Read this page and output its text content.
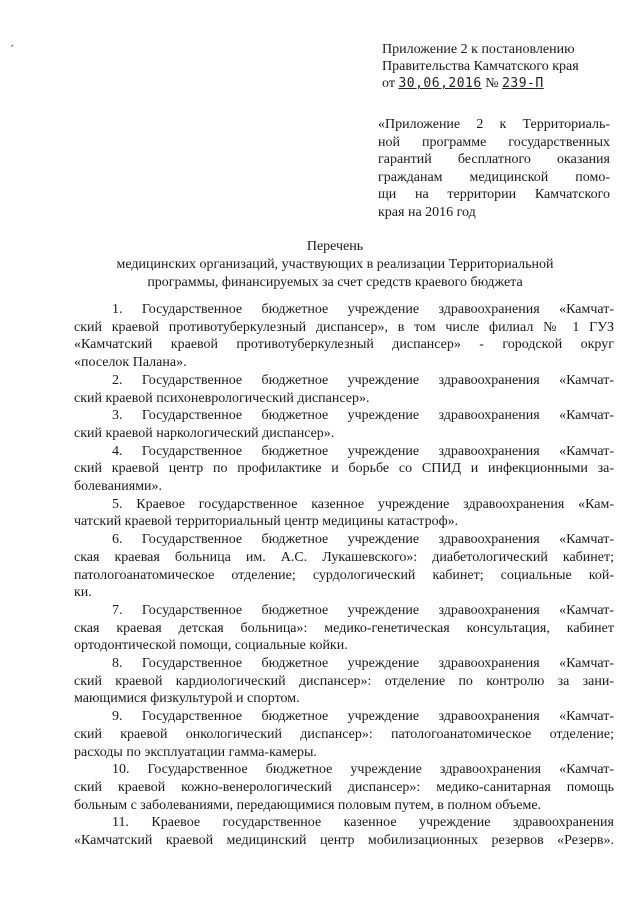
ˊ	Приложение 2 к постановлению
Правительства Камчатского края
от 30,06,2016 № 239-П
«Приложение 2 к Территориаль-
ной программе государственных
гарантий бесплатного оказания
гражданам медицинской помо-
щи на территории Камчатского
края на 2016 год
Перечень
медицинских организаций, участвующих в реализации Территориальной
программы, финансируемых за счет средств краевого бюджета
1. Государственное бюджетное учреждение здравоохранения «Камчат-
ский краевой противотуберкулезный диспансер», в том числе филиал № 1 ГУЗ
«Камчатский краевой противотуберкулезный диспансер» - городской округ
«поселок Палана».
2. Государственное бюджетное учреждение здравоохранения «Камчат-
ский краевой психоневрологический диспансер».
3. Государственное бюджетное учреждение здравоохранения «Камчат-
ский краевой наркологический диспансер».
4. Государственное бюджетное учреждение здравоохранения «Камчат-
ский краевой центр по профилактике и борьбе со СПИД и инфекционными за-
болеваниями».
5. Краевое государственное казенное учреждение здравоохранения «Кам-
чатский краевой территориальный центр медицины катастроф».
6. Государственное бюджетное учреждение здравоохранения «Камчат-
ская краевая больница им. А.С. Лукашевского»: диабетологический кабинет;
патологоанатомическое отделение; сурдологический кабинет; социальные кой-
ки.
7. Государственное бюджетное учреждение здравоохранения «Камчат-
ская краевая детская больница»: медико-генетическая консультация, кабинет
ортодонтической помощи, социальные койки.
8. Государственное бюджетное учреждение здравоохранения «Камчат-
ский краевой кардиологический диспансер»: отделение по контролю за зани-
мающимися физкультурой и спортом.
9. Государственное бюджетное учреждение здравоохранения «Камчат-
ский краевой онкологический диспансер»: патологоанатомическое отделение;
расходы по эксплуатации гамма-камеры.
10. Государственное бюджетное учреждение здравоохранения «Камчат-
ский краевой кожно-венерологический диспансер»: медико-санитарная помощь
больным с заболеваниями, передающимися половым путем, в полном объеме.
11. Краевое государственное казенное учреждение здравоохранения
«Камчатский краевой медицинский центр мобилизационных резервов «Резерв».
